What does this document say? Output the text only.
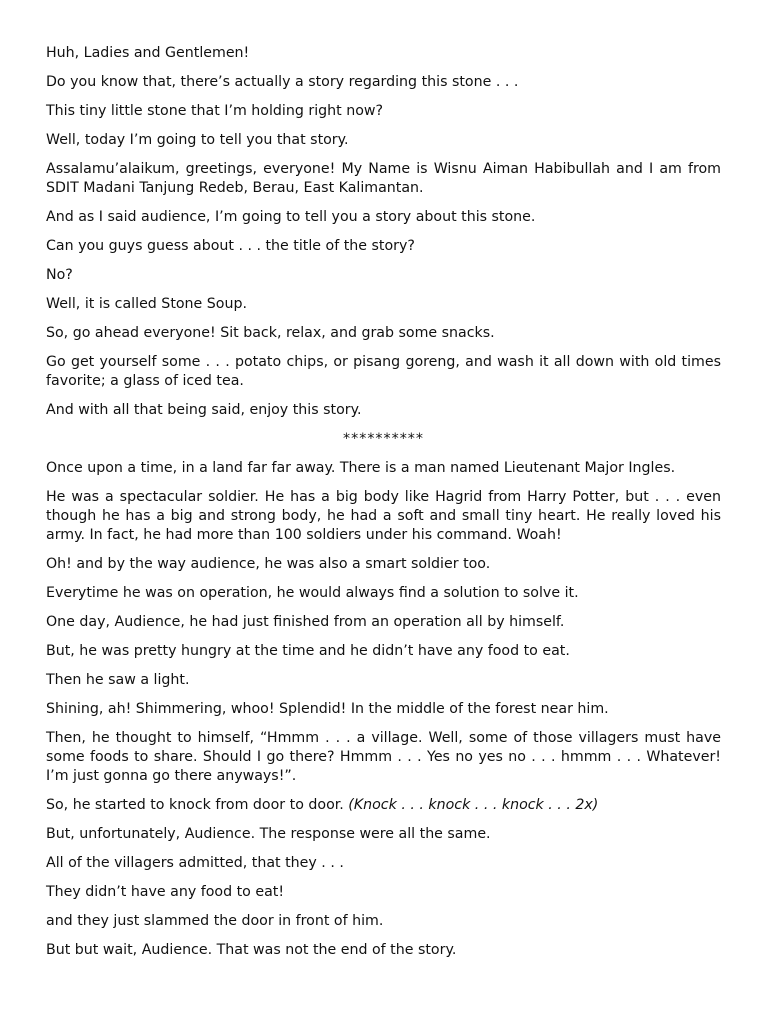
Huh, Ladies and Gentlemen!

Do you know that, there’s actually a story regarding this stone . . .

This tiny little stone that I’m holding right now?

Well, today I’m going to tell you that story.

Assalamu’alaikum, greetings, everyone! My Name is Wisnu Aiman Habibullah and I am from SDIT Madani Tanjung Redeb, Berau, East Kalimantan.

And as I said audience, I’m going to tell you a story about this stone.

Can you guys guess about . . . the title of the story?

No?

Well, it is called Stone Soup.

So, go ahead everyone! Sit back, relax, and grab some snacks.

Go get yourself some . . . potato chips, or pisang goreng, and wash it all down with old times favorite; a glass of iced tea.

And with all that being said, enjoy this story.

**********

Once upon a time, in a land far far away. There is a man named Lieutenant Major Ingles.

He was a spectacular soldier. He has a big body like Hagrid from Harry Potter, but . . . even though he has a big and strong body, he had a soft and small tiny heart. He really loved his army. In fact, he had more than 100 soldiers under his command. Woah!

Oh! and by the way audience, he was also a smart soldier too.

Everytime he was on operation, he would always find a solution to solve it.

One day, Audience, he had just finished from an operation all by himself.

But, he was pretty hungry at the time and he didn’t have any food to eat.

Then he saw a light.

Shining, ah! Shimmering, whoo! Splendid! In the middle of the forest near him.

Then, he thought to himself, “Hmmm . . . a village. Well, some of those villagers must have some foods to share. Should I go there? Hmmm . . . Yes no yes no . . . hmmm . . . Whatever! I’m just gonna go there anyways!”.

So, he started to knock from door to door. (Knock . . . knock . . . knock . . . 2x)

But, unfortunately, Audience. The response were all the same.

All of the villagers admitted, that they . . .

They didn’t have any food to eat!

and they just slammed the door in front of him.

But but wait, Audience. That was not the end of the story.
